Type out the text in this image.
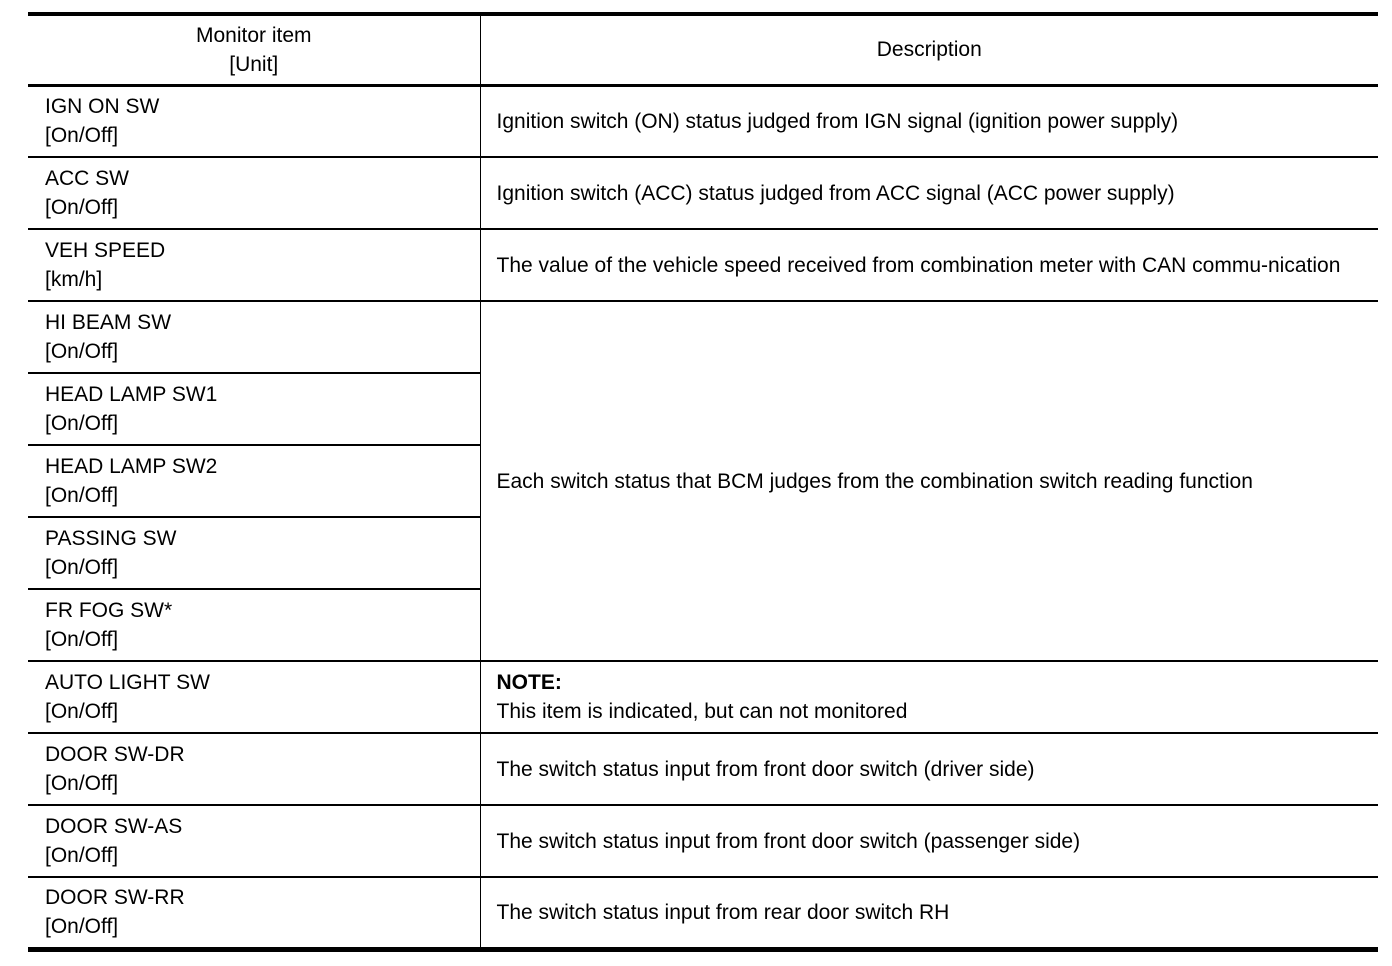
Monitor item
[Unit]	Description

IGN ON SW
[On/Off]	Ignition switch (ON) status judged from IGN signal (ignition power supply)

ACC SW
[On/Off]	Ignition switch (ACC) status judged from ACC signal (ACC power supply)

VEH SPEED
[km/h]	The value of the vehicle speed received from combination meter with CAN commu-nication

HI BEAM SW
[On/Off]	Each switch status that BCM judges from the combination switch reading function

HEAD LAMP SW1
[On/Off]	

HEAD LAMP SW2
[On/Off]	

PASSING SW
[On/Off]	

FR FOG SW*
[On/Off]	

AUTO LIGHT SW
[On/Off]	NOTE:
This item is indicated, but can not monitored

DOOR SW-DR
[On/Off]	The switch status input from front door switch (driver side)

DOOR SW-AS
[On/Off]	The switch status input from front door switch (passenger side)

DOOR SW-RR
[On/Off]	The switch status input from rear door switch RH
